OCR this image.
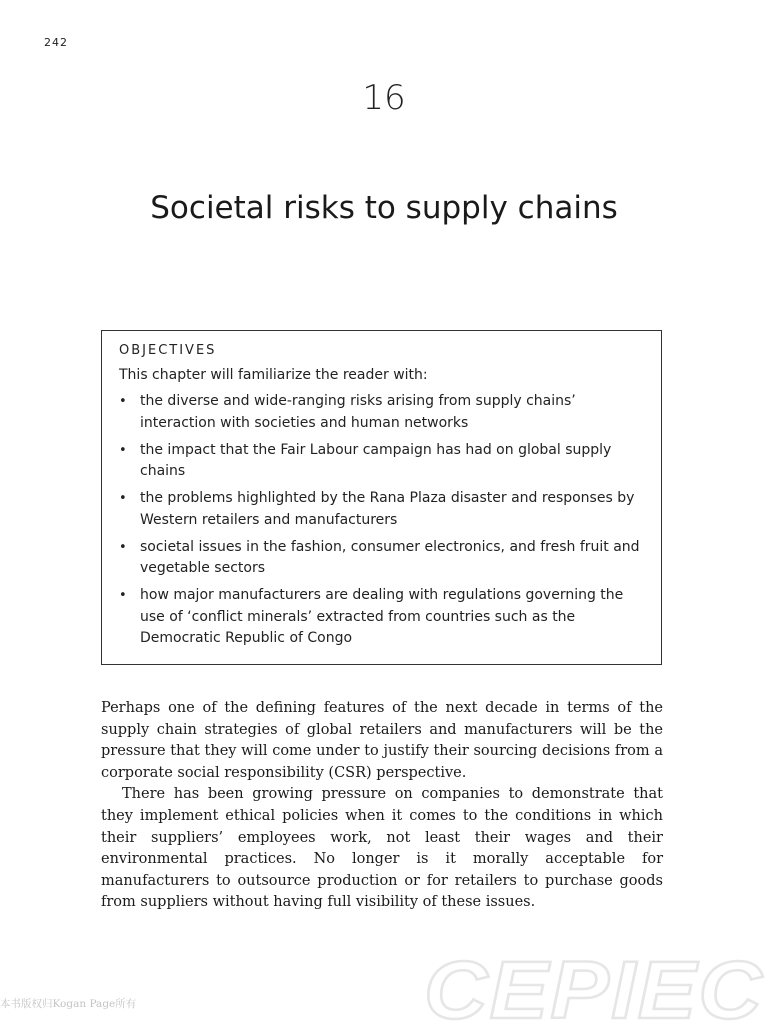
242
16
Societal risks to supply chains
OBJECTIVES
This chapter will familiarize the reader with:
• the diverse and wide-ranging risks arising from supply chains’ interaction with societies and human networks
• the impact that the Fair Labour campaign has had on global supply chains
• the problems highlighted by the Rana Plaza disaster and responses by Western retailers and manufacturers
• societal issues in the fashion, consumer electronics, and fresh fruit and vegetable sectors
• how major manufacturers are dealing with regulations governing the use of ‘conflict minerals’ extracted from countries such as the Democratic Republic of Congo

Perhaps one of the defining features of the next decade in terms of the supply chain strategies of global retailers and manufacturers will be the pressure that they will come under to justify their sourcing decisions from a corporate social responsibility (CSR) perspective.

There has been growing pressure on companies to demonstrate that they implement ethical policies when it comes to the conditions in which their suppliers’ employees work, not least their wages and their environmental practices. No longer is it morally acceptable for manufacturers to outsource production or for retailers to purchase goods from suppliers without having full visibility of these issues.

本书版权归Kogan Page所有	CEPIEC
